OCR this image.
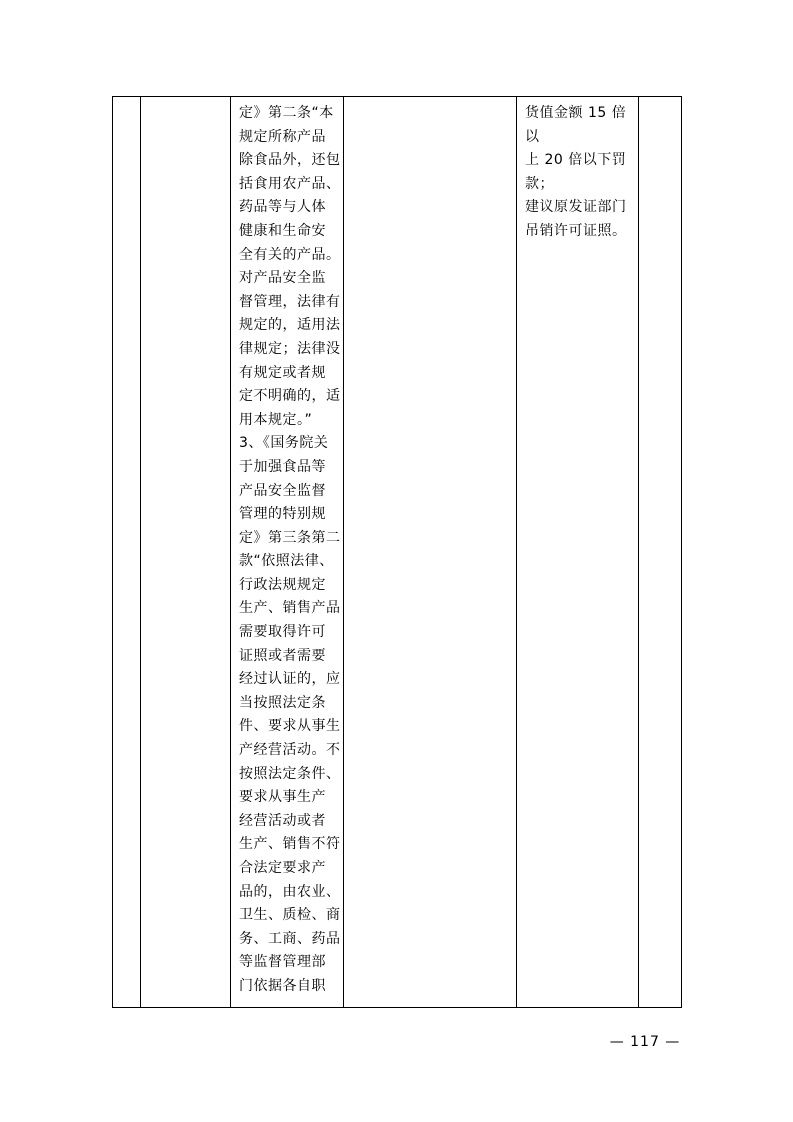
定》第二条“本
规定所称产品
除食品外，还包
括食用农产品、
药品等与人体
健康和生命安
全有关的产品。
对产品安全监
督管理，法律有
规定的，适用法
律规定；法律没
有规定或者规
定不明确的，适
用本规定。”
3、《国务院关
于加强食品等
产品安全监督
管理的特别规
定》第三条第二
款“依照法律、
行政法规规定
生产、销售产品
需要取得许可
证照或者需要
经过认证的，应
当按照法定条
件、要求从事生
产经营活动。不
按照法定条件、
要求从事生产
经营活动或者
生产、销售不符
合法定要求产
品的，由农业、
卫生、质检、商
务、工商、药品
等监督管理部
门依据各自职

货值金额 15 倍以
上 20 倍以下罚款；
建议原发证部门
吊销许可证照。

— 117 —
